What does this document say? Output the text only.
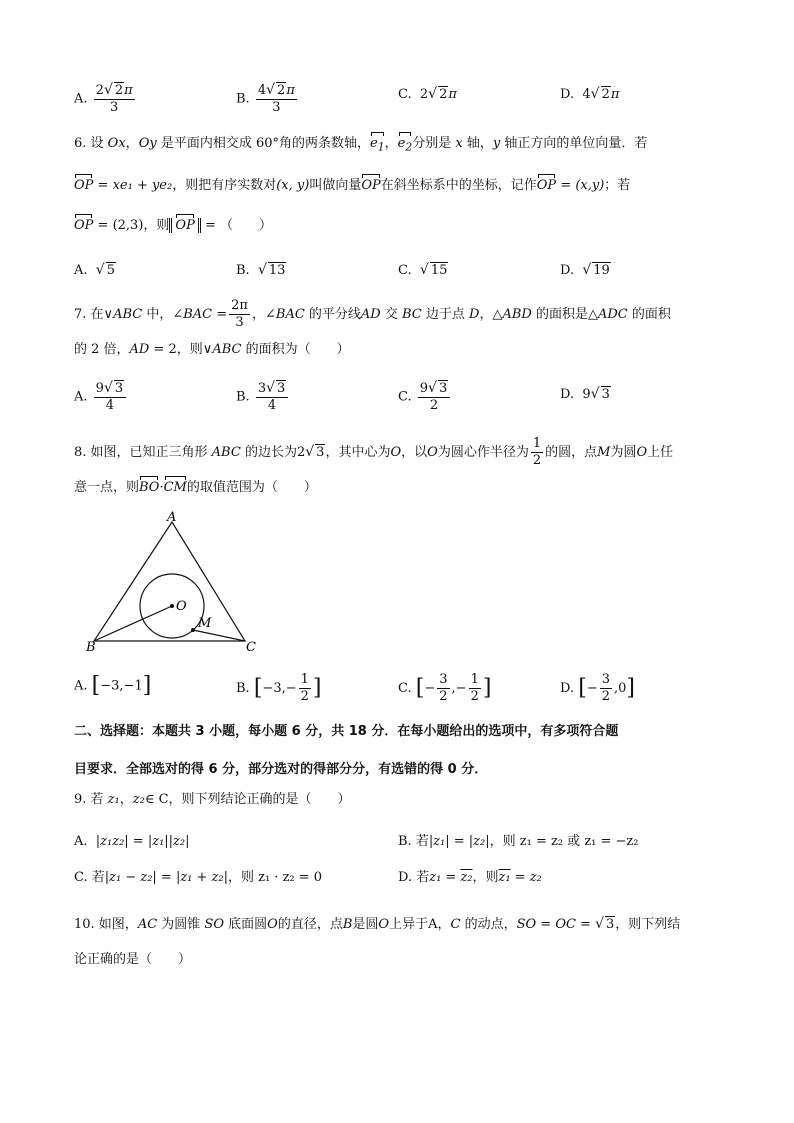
A. $\frac{2√ 2\pi}{3}$	B. $\frac{4√ 2\pi}{3}$	C. 2√ 2π	D. 4√ 2π
6. 设 Ox，Oy 是平面内相交成 60°角的两条数轴，$e_1$，$e_2$分别是 x 轴，y 轴正方向的单位向量．若
OP = xe₁ + ye₂，则把有序实数对(x, y)叫做向量OP在斜坐标系中的坐标，记作OP = (x,y)；若
OP = (2,3)，则 OP = （　　）
A. √ 5	B. √ 13	C. √ 15	D. √ 19
7. 在∨ABC 中，∠BAC = $\frac{2\pi}{3}$ ，∠BAC 的平分线AD 交 BC 边于点 D，△ABD 的面积是△ADC 的面积
的 2 倍，AD = 2，则∨ABC 的面积为（　　）
A. $\frac{9√ 3}{4}$	B. $\frac{3√ 3}{4}$	C. $\frac{9√ 3}{2}$	D. 9√ 3
8. 如图，已知正三角形 ABC 的边长为2√ 3，其中心为O，以O为圆心作半径为 $\frac{1}{2}$ 的圆，点M为圆O上任
意一点，则BO·CM的取值范围为（　　）
A
B	C
O
M
A. [−3,−1]	B. [$-3,- \frac{1}{2}$ ]	C. [− $\frac{3}{2}$ ,− $\frac{1}{2}$ ]	D. [− $\frac{3}{2} ,0$]
二、选择题：本题共 3 小题，每小题 6 分，共 18 分．在每小题给出的选项中，有多项符合题
目要求．全部选对的得 6 分，部分选对的得部分分，有选错的得 0 分．
9. 若 z₁，z₂∈ C，则下列结论正确的是（　　）
A. |z₁z₂| = |z₁||z₂|	B. 若|z₁| = |z₂|，则 z₁ = z₂ 或 z₁ = −z₂
C. 若|z₁ − z₂| = |z₁ + z₂|，则 z₁ · z₂ = 0	D. 若z₁ = z₂，则z₁ = z₂
10. 如图，AC 为圆锥 SO 底面圆O的直径，点B是圆O上异于A，C 的动点，SO = OC = √ 3，则下列结
论正确的是（　　）
